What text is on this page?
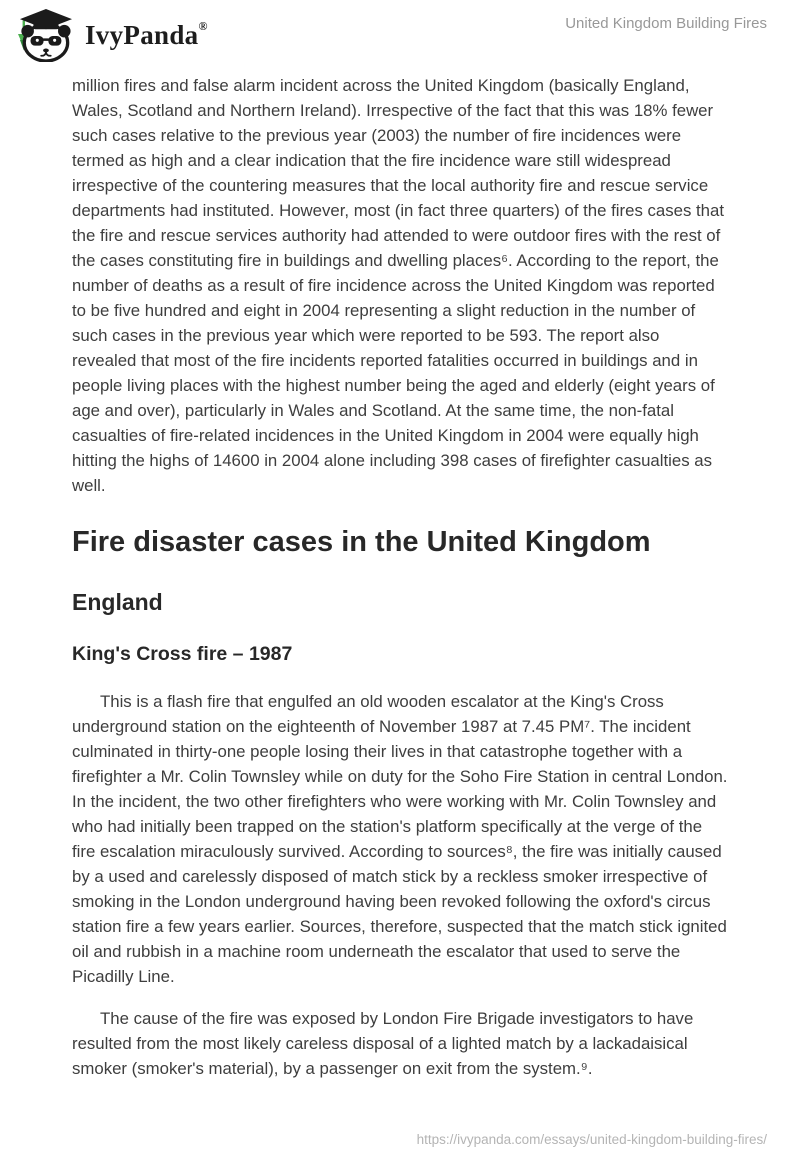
IvyPanda®	United Kingdom Building Fires

million fires and false alarm incident across the United Kingdom (basically England, Wales, Scotland and Northern Ireland). Irrespective of the fact that this was 18% fewer such cases relative to the previous year (2003) the number of fire incidences were termed as high and a clear indication that the fire incidence ware still widespread irrespective of the countering measures that the local authority fire and rescue service departments had instituted. However, most (in fact three quarters) of the fires cases that the fire and rescue services authority had attended to were outdoor fires with the rest of the cases constituting fire in buildings and dwelling places⁶. According to the report, the number of deaths as a result of fire incidence across the United Kingdom was reported to be five hundred and eight in 2004 representing a slight reduction in the number of such cases in the previous year which were reported to be 593. The report also revealed that most of the fire incidents reported fatalities occurred in buildings and in people living places with the highest number being the aged and elderly (eight years of age and over), particularly in Wales and Scotland. At the same time, the non-fatal casualties of fire-related incidences in the United Kingdom in 2004 were equally high hitting the highs of 14600 in 2004 alone including 398 cases of firefighter casualties as well.

Fire disaster cases in the United Kingdom
England
King's Cross fire – 1987

This is a flash fire that engulfed an old wooden escalator at the King's Cross underground station on the eighteenth of November 1987 at 7.45 PM⁷. The incident culminated in thirty-one people losing their lives in that catastrophe together with a firefighter a Mr. Colin Townsley while on duty for the Soho Fire Station in central London. In the incident, the two other firefighters who were working with Mr. Colin Townsley and who had initially been trapped on the station's platform specifically at the verge of the fire escalation miraculously survived. According to sources⁸, the fire was initially caused by a used and carelessly disposed of match stick by a reckless smoker irrespective of smoking in the London underground having been revoked following the oxford's circus station fire a few years earlier. Sources, therefore, suspected that the match stick ignited oil and rubbish in a machine room underneath the escalator that used to serve the Picadilly Line.

The cause of the fire was exposed by London Fire Brigade investigators to have resulted from the most likely careless disposal of a lighted match by a lackadaisical smoker (smoker's material), by a passenger on exit from the system.⁹.

https://ivypanda.com/essays/united-kingdom-building-fires/
